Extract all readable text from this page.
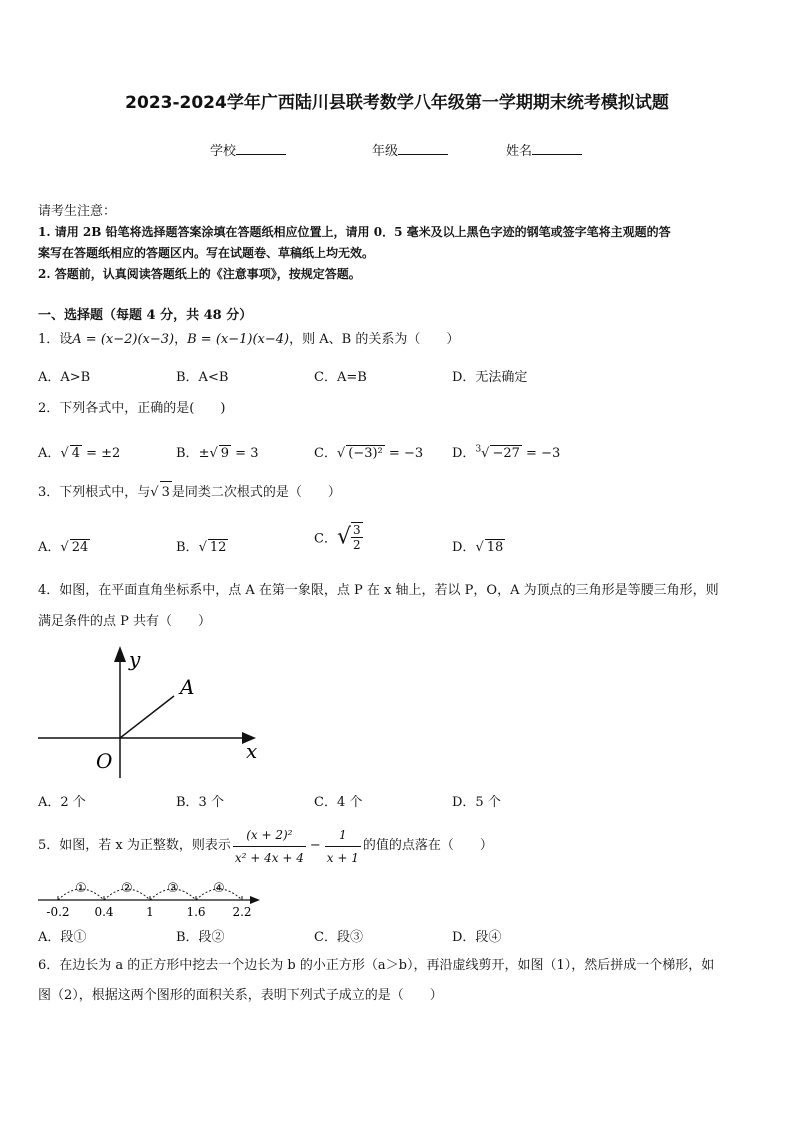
2023-2024学年广西陆川县联考数学八年级第一学期期末统考模拟试题
学校	年级	姓名
请考生注意：
1. 请用 2B 铅笔将选择题答案涂填在答题纸相应位置上，请用 0．5 毫米及以上黑色字迹的钢笔或签字笔将主观题的答
案写在答题纸相应的答题区内。写在试题卷、草稿纸上均无效。
2. 答题前，认真阅读答题纸上的《注意事项》，按规定答题。
一、选择题（每题 4 分，共 48 分）
1．设A = (x−2)(x−3)，B = (x−1)(x−4)，则 A、B 的关系为（　　）
A．A>B	B．A<B	C．A=B	D．无法确定
2．下列各式中，正确的是(　　)
A．√ 4 = ±2	B．±√ 9 = 3	C．√ (−3)² = −3 D．$^3$√ −27 = −3
3．下列根式中，与√ 3 是同类二次根式的是（　　）
A．√ 24	B．√ 12
C．√ $\frac{3}{2}$	D．√ 18
4．如图，在平面直角坐标系中，点 A 在第一象限，点 P 在 x 轴上，若以 P，O，A 为顶点的三角形是等腰三角形，则
满足条件的点 P 共有（　　）
y
x
A
O
A．2 个	B．3 个	C．4 个	D．5 个
5．如图，若 x 为正整数，则表示 $\frac{\text{(x + 2)²}}{\text{x² + 4x + 4}} - \frac{1}{x + 1}$ 的值的点落在（　　）
-0.2 0.4	1	1.6 2.2
①	②	③	④
A．段①	B．段②	C．段③	D．段④
6．在边长为 a 的正方形中挖去一个边长为 b 的小正方形（a＞b），再沿虚线剪开，如图（1），然后拼成一个梯形，如
图（2），根据这两个图形的面积关系，表明下列式子成立的是（　　）
